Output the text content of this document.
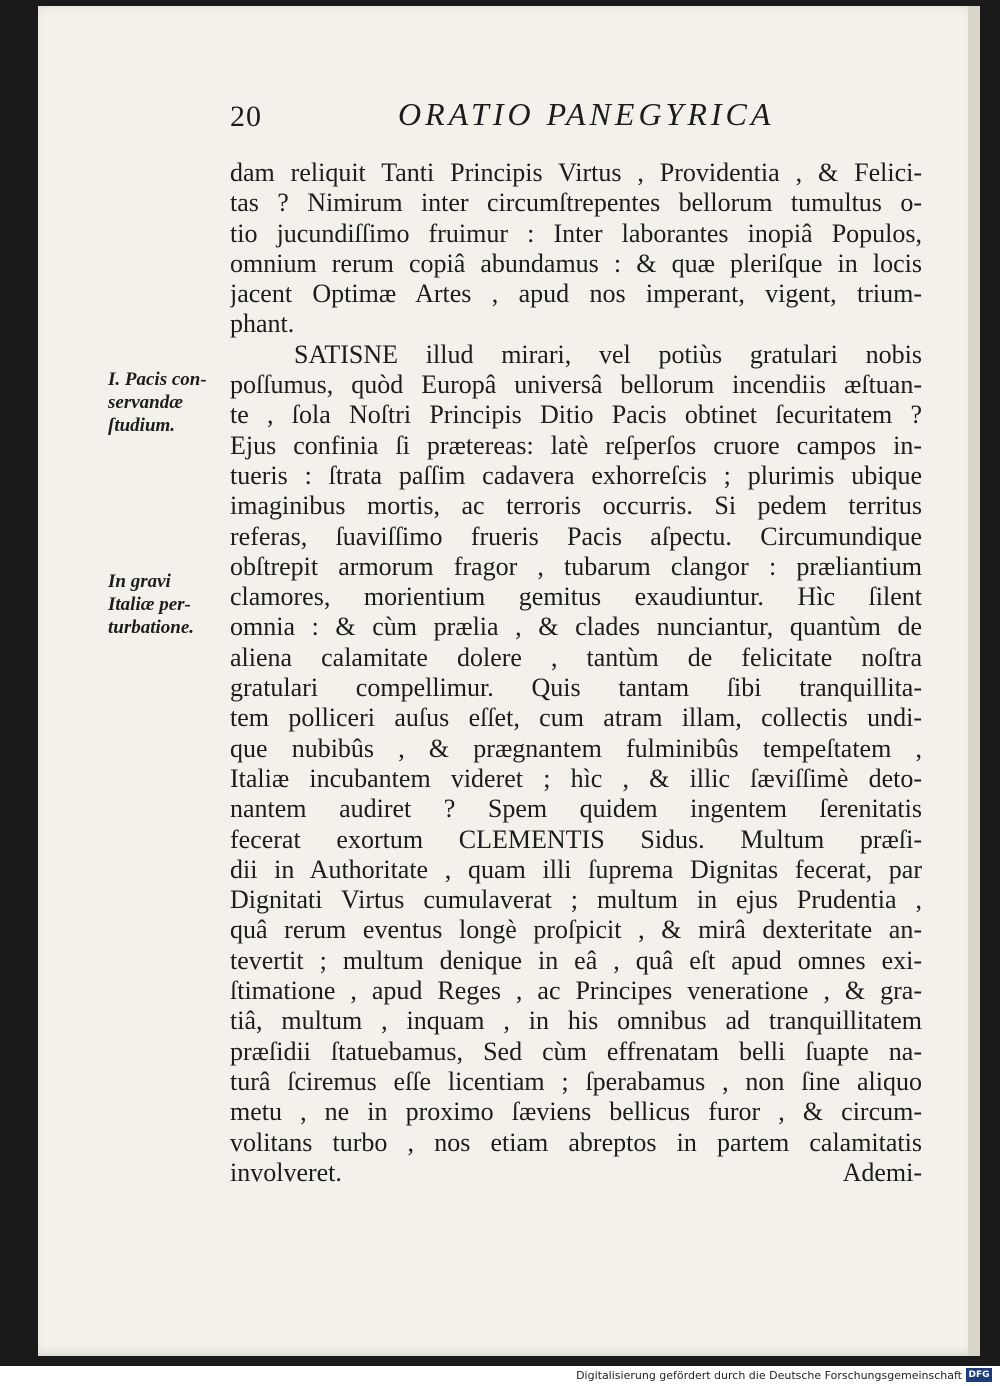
20	ORATIO PANEGYRICA
I. Pacis con-
servandæ
ſtudium.
In gravi
Italiæ per-
turbatione.
dam reliquit Tanti Principis Virtus , Providentia , & Felici-
tas ? Nimirum inter circumſtrepentes bellorum tumultus o-
tio jucundiſſimo fruimur : Inter laborantes inopiâ Populos,
omnium rerum copiâ abundamus : & quæ pleriſque in locis
jacent Optimæ Artes , apud nos imperant, vigent, trium-
phant.
SATISNE illud mirari, vel potiùs gratulari nobis
poſſumus, quòd Europâ universâ bellorum incendiis æſtuan-
te , ſola Noſtri Principis Ditio Pacis obtinet ſecuritatem ?
Ejus confinia ſi prætereas: latè reſperſos cruore campos in-
tueris : ſtrata paſſim cadavera exhorreſcis ; plurimis ubique
imaginibus mortis, ac terroris occurris. Si pedem territus
referas, ſuaviſſimo frueris Pacis aſpectu. Circumundique
obſtrepit armorum fragor , tubarum clangor : præliantium
clamores, morientium gemitus exaudiuntur. Hìc ſilent
omnia : & cùm prælia , & clades nunciantur, quantùm de
aliena calamitate dolere , tantùm de felicitate noſtra
gratulari compellimur. Quis tantam ſibi tranquillita-
tem polliceri auſus eſſet, cum atram illam, collectis undi-
que nubibûs , & prægnantem fulminibûs tempeſtatem ,
Italiæ incubantem videret ; hìc , & illic ſæviſſimè deto-
nantem audiret ? Spem quidem ingentem ſerenitatis
fecerat exortum CLEMENTIS Sidus. Multum præſi-
dii in Authoritate , quam illi ſuprema Dignitas fecerat, par
Dignitati Virtus cumulaverat ; multum in ejus Prudentia ,
quâ rerum eventus longè proſpicit , & mirâ dexteritate an-
tevertit ; multum denique in eâ , quâ eſt apud omnes exi-
ſtimatione , apud Reges , ac Principes veneratione , & gra-
tiâ, multum , inquam , in his omnibus ad tranquillitatem
præſidii ſtatuebamus, Sed cùm effrenatam belli ſuapte na-
turâ ſciremus eſſe licentiam ; ſperabamus , non ſine aliquo
metu , ne in proximo ſæviens bellicus furor , & circum-
volitans turbo , nos etiam abreptos in partem calamitatis
involveret.	Ademi-
Digitalisierung gefördert durch die Deutsche Forschungsgemeinschaft DFG
